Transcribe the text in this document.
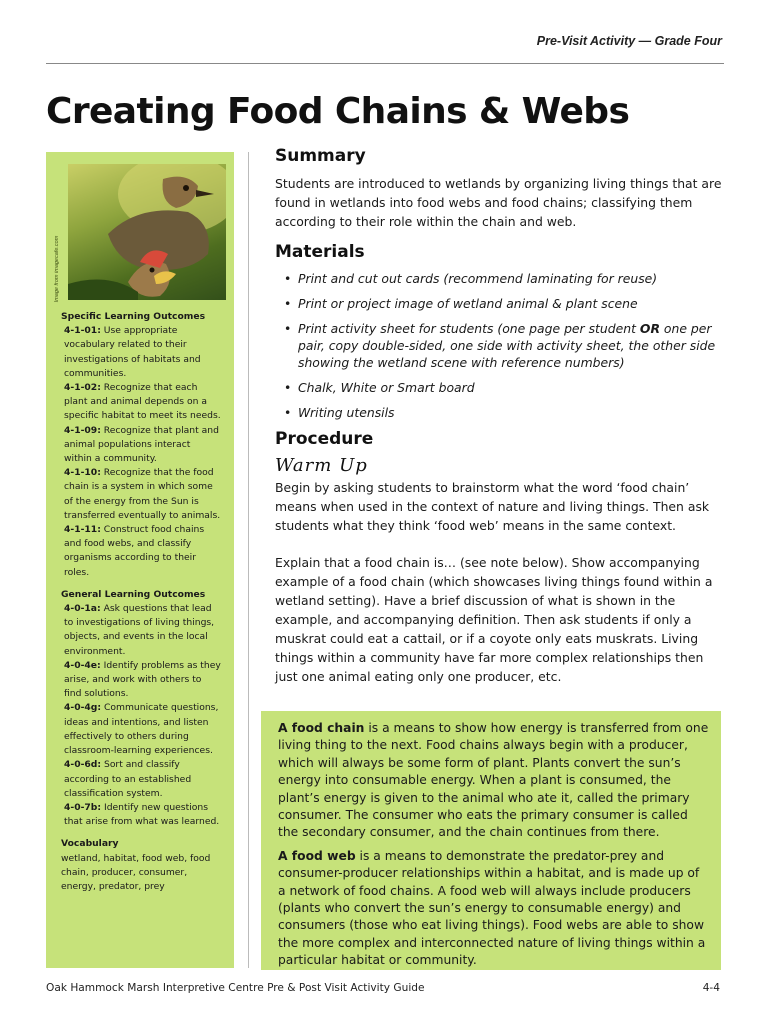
Pre-Visit Activity — Grade Four
Creating Food Chains & Webs
Image from imagecafe.com
Specific Learning Outcomes
4-1-01: Use appropriate vocabulary related to their investigations of habitats and communities.
4-1-02: Recognize that each plant and animal depends on a specific habitat to meet its needs.
4-1-09: Recognize that plant and animal populations interact within a community.
4-1-10: Recognize that the food chain is a system in which some of the energy from the Sun is transferred eventually to animals.
4-1-11: Construct food chains and food webs, and classify organisms according to their roles.
General Learning Outcomes
4-0-1a: Ask questions that lead to investigations of living things, objects, and events in the local environment.
4-0-4e: Identify problems as they arise, and work with others to find solutions.
4-0-4g: Communicate questions, ideas and intentions, and listen effectively to others during classroom-learning experiences.
4-0-6d: Sort and classify according to an established classification system.
4-0-7b: Identify new questions that arise from what was learned.
Vocabulary
wetland, habitat, food web, food chain, producer, consumer, energy, predator, prey
Summary

Students are introduced to wetlands by organizing living things that are found in wetlands into food webs and food chains; classifying them according to their role within the chain and web.

Materials
• Print and cut out cards (recommend laminating for reuse)
• Print or project image of wetland animal & plant scene
• Print activity sheet for students (one page per student OR one per pair, copy double-sided, one side with activity sheet, the other side showing the wetland scene with reference numbers)
• Chalk, White or Smart board
• Writing utensils
Procedure
Warm Up

Begin by asking students to brainstorm what the word ‘food chain’ means when used in the context of nature and living things. Then ask students what they think ‘food web’ means in the same context.

Explain that a food chain is… (see note below). Show accompanying example of a food chain (which showcases living things found within a wetland setting). Have a brief discussion of what is shown in the example, and accompanying definition. Then ask students if only a muskrat could eat a cattail, or if a coyote only eats muskrats. Living things within a community have far more complex relationships then just one animal eating only one producer, etc.

A food chain is a means to show how energy is transferred from one living thing to the next. Food chains always begin with a producer, which will always be some form of plant. Plants convert the sun’s energy into consumable energy. When a plant is consumed, the plant’s energy is given to the animal who ate it, called the primary consumer. The consumer who eats the primary consumer is called the secondary consumer, and the chain continues from there.

A food web is a means to demonstrate the predator-prey and consumer-producer relationships within a habitat, and is made up of a network of food chains. A food web will always include producers (plants who convert the sun’s energy to consumable energy) and consumers (those who eat living things). Food webs are able to show the more complex and interconnected nature of living things within a particular habitat or community.

Oak Hammock Marsh Interpretive Centre Pre & Post Visit Activity Guide	4-4
